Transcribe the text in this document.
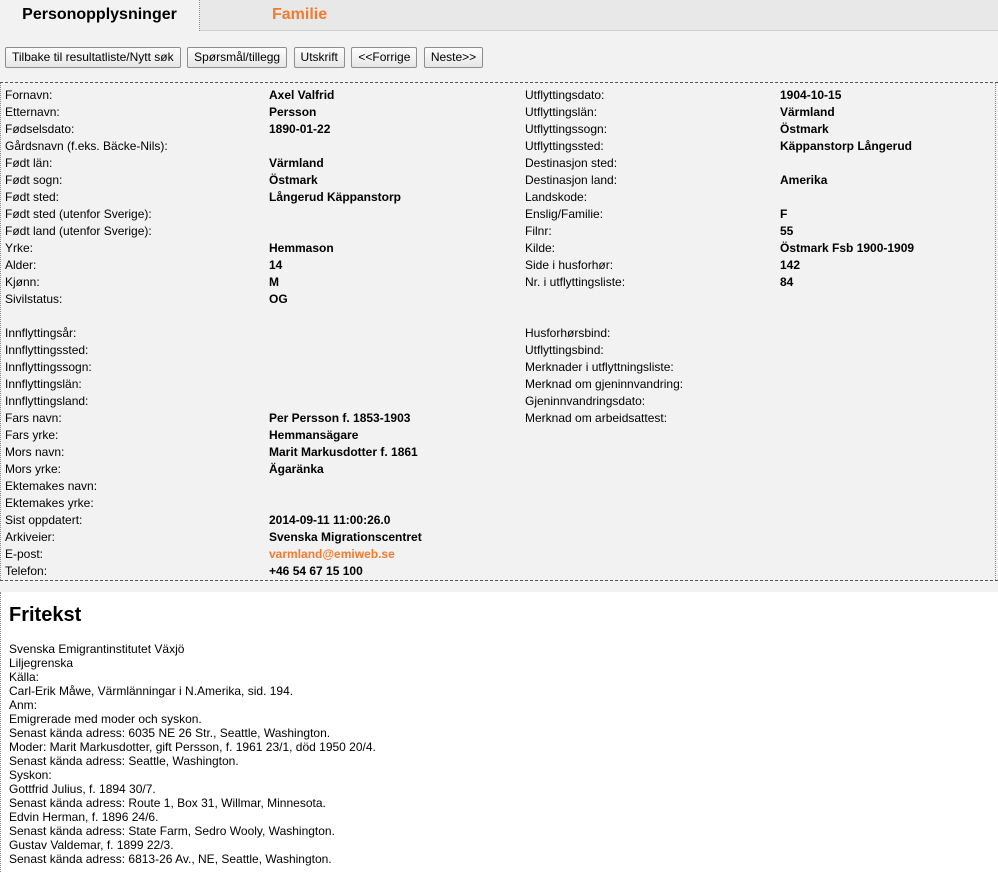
Personopplysninger	Familie
Tilbake til resultatliste/Nytt søk Spørsmål/tillegg Utskrift <<Forrige Neste>>
Fornavn:	Axel Valfrid
Etternavn:	Persson
Fødselsdato:	1890-01-22
Gårdsnavn (f.eks. Bäcke-Nils):
Født län:	Värmland
Født sogn:	Östmark
Født sted:	Långerud Käppanstorp
Født sted (utenfor Sverige):
Født land (utenfor Sverige):
Yrke:	Hemmason
Alder:	14
Kjønn:	M
Sivilstatus:	OG
Innflyttingsår:
Innflyttingssted:
Innflyttingssogn:
Innflyttingslän:
Innflyttingsland:
Fars navn:	Per Persson f. 1853-1903
Fars yrke:	Hemmansägare
Mors navn:	Marit Markusdotter f. 1861
Mors yrke:	Ägaränka
Ektemakes navn:
Ektemakes yrke:
Sist oppdatert:	2014-09-11 11:00:26.0
Arkiveier:	Svenska Migrationscentret
E-post:	varmland@emiweb.se
Telefon:	+46 54 67 15 100
Utflyttingsdato:	1904-10-15
Utflyttingslän:	Värmland
Utflyttingssogn:	Östmark
Utflyttingssted:	Käppanstorp Långerud
Destinasjon sted:
Destinasjon land:	Amerika
Landskode:
Enslig/Familie:	F
Filnr:	55
Kilde:	Östmark Fsb 1900-1909
Side i husforhør:	142
Nr. i utflyttingsliste:	84
Husforhørsbind:
Utflyttingsbind:
Merknader i utflyttningsliste:
Merknad om gjeninnvandring:
Gjeninnvandringsdato:
Merknad om arbeidsattest:
Fritekst
Svenska Emigrantinstitutet Växjö
Liljegrenska
Källa:
Carl-Erik Måwe, Värmlänningar i N.Amerika, sid. 194.
Anm:
Emigrerade med moder och syskon.
Senast kända adress: 6035 NE 26 Str., Seattle, Washington.
Moder: Marit Markusdotter, gift Persson, f. 1961 23/1, död 1950 20/4.
Senast kända adress: Seattle, Washington.
Syskon:
Gottfrid Julius, f. 1894 30/7.
Senast kända adress: Route 1, Box 31, Willmar, Minnesota.
Edvin Herman, f. 1896 24/6.
Senast kända adress: State Farm, Sedro Wooly, Washington.
Gustav Valdemar, f. 1899 22/3.
Senast kända adress: 6813-26 Av., NE, Seattle, Washington.
